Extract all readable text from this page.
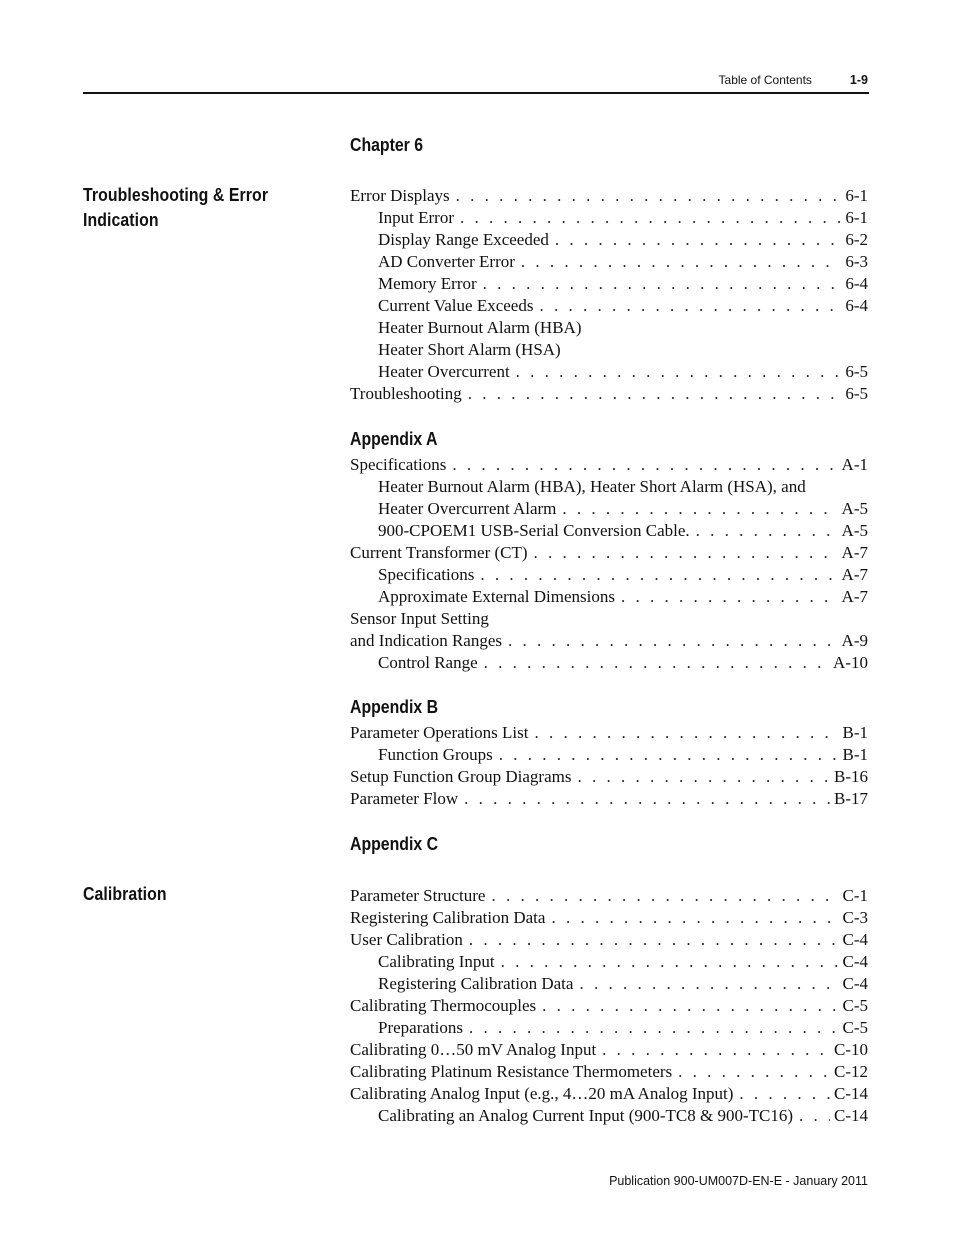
Table of Contents	1-9
Troubleshooting & Error Indication
Calibration
Chapter 6
Error Displays . . .	6-1
Input Error . . .	6-1
Display Range Exceeded . . .	6-2
AD Converter Error . . .	6-3
Memory Error . . .	6-4
Current Value Exceeds . . .	6-4
Heater Burnout Alarm (HBA)
Heater Short Alarm (HSA)
Heater Overcurrent . . .	6-5
Troubleshooting . . .	6-5
Appendix A
Specifications . . .	A-1
Heater Burnout Alarm (HBA), Heater Short Alarm (HSA), and
Heater Overcurrent Alarm . . .	A-5
900-CPOEM1 USB-Serial Conversion Cable. . . .	A-5
Current Transformer (CT) . . .	A-7
Specifications . . .	A-7
Approximate External Dimensions . . .	A-7
Sensor Input Setting
and Indication Ranges . . .	A-9
Control Range . . .	A-10
Appendix B
Parameter Operations List . . .	B-1
Function Groups . . .	B-1
Setup Function Group Diagrams . . .	B-16
Parameter Flow . . .	B-17
Appendix C
Parameter Structure . . .	C-1
Registering Calibration Data . . .	C-3
User Calibration . . .	C-4
Calibrating Input . . .	C-4
Registering Calibration Data . . .	C-4
Calibrating Thermocouples . . .	C-5
Preparations . . .	C-5
Calibrating 0…50 mV Analog Input . . .	C-10
Calibrating Platinum Resistance Thermometers . . .	C-12
Calibrating Analog Input (e.g., 4…20 mA Analog Input) . . .	C-14
Calibrating an Analog Current Input (900-TC8 & 900-TC16) . . . C-14
Publication 900-UM007D-EN-E - January 2011
